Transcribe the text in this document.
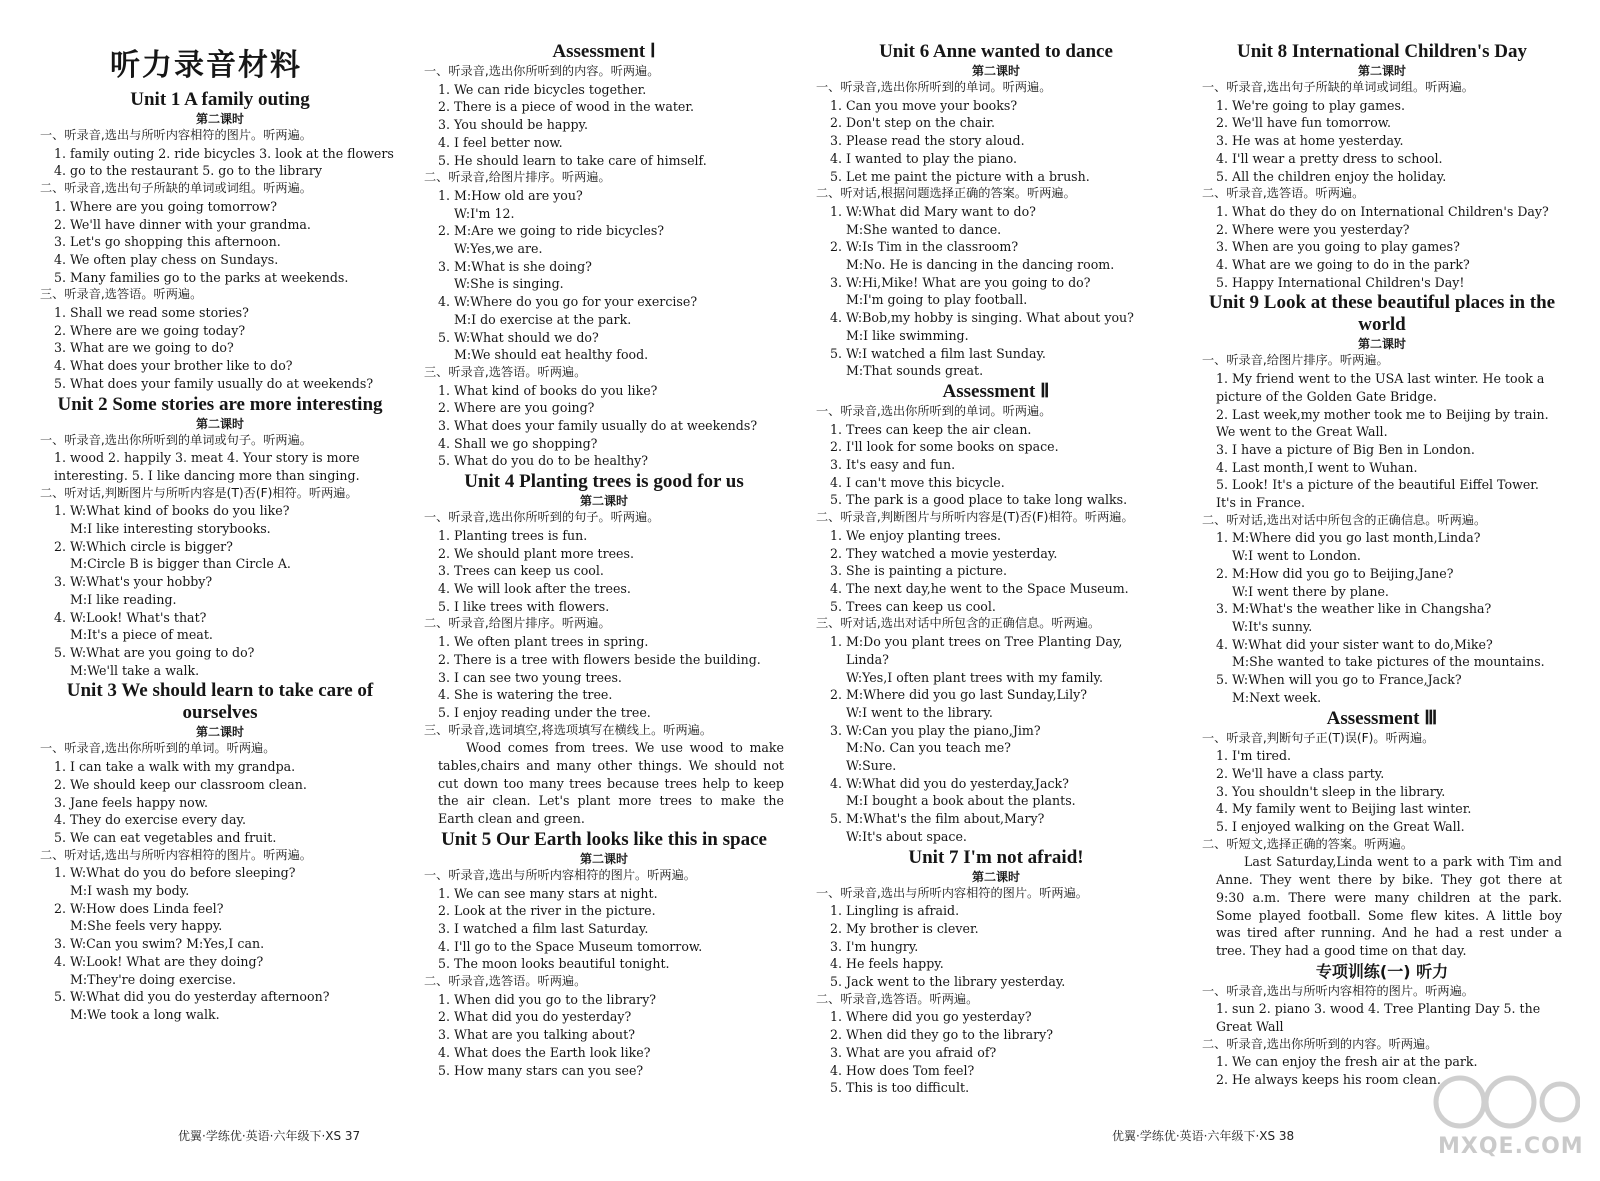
听力录音材料
Unit 1 A family outing
第二课时
一、听录音,选出与所听内容相符的图片。听两遍。
1. family outing 2. ride bicycles 3. look at the flowers 4. go to the restaurant 5. go to the library
二、听录音,选出句子所缺的单词或词组。听两遍。
1. Where are you going tomorrow?
2. We'll have dinner with your grandma.
3. Let's go shopping this afternoon.
4. We often play chess on Sundays.
5. Many families go to the parks at weekends.
三、听录音,选答语。听两遍。
1. Shall we read some stories?
2. Where are we going today?
3. What are we going to do?
4. What does your brother like to do?
5. What does your family usually do at weekends?
Unit 2 Some stories are more interesting
第二课时
一、听录音,选出你所听到的单词或句子。听两遍。
1. wood 2. happily 3. meat 4. Your story is more interesting. 5. I like dancing more than singing.
二、听对话,判断图片与所听内容是(T)否(F)相符。听两遍。
1. W:What kind of books do you like?
M:I like interesting storybooks.
2. W:Which circle is bigger?
M:Circle B is bigger than Circle A.
3. W:What's your hobby?
M:I like reading.
4. W:Look! What's that?
M:It's a piece of meat.
5. W:What are you going to do?
M:We'll take a walk.
Unit 3 We should learn to take care of ourselves
第二课时
一、听录音,选出你所听到的单词。听两遍。
1. I can take a walk with my grandpa.
2. We should keep our classroom clean.
3. Jane feels happy now.
4. They do exercise every day.
5. We can eat vegetables and fruit.
二、听对话,选出与所听内容相符的图片。听两遍。
1. W:What do you do before sleeping?
M:I wash my body.
2. W:How does Linda feel?
M:She feels very happy.
3. W:Can you swim? M:Yes,I can.
4. W:Look! What are they doing?
M:They're doing exercise.
5. W:What did you do yesterday afternoon?
M:We took a long walk.
Assessment Ⅰ
一、听录音,选出你所听到的内容。听两遍。
1. We can ride bicycles together.
2. There is a piece of wood in the water.
3. You should be happy.
4. I feel better now.
5. He should learn to take care of himself.
二、听录音,给图片排序。听两遍。
1. M:How old are you?
W:I'm 12.
2. M:Are we going to ride bicycles?
W:Yes,we are.
3. M:What is she doing?
W:She is singing.
4. W:Where do you go for your exercise?
M:I do exercise at the park.
5. W:What should we do?
M:We should eat healthy food.
三、听录音,选答语。听两遍。
1. What kind of books do you like?
2. Where are you going?
3. What does your family usually do at weekends?
4. Shall we go shopping?
5. What do you do to be healthy?
Unit 4 Planting trees is good for us
第二课时
一、听录音,选出你所听到的句子。听两遍。
1. Planting trees is fun.
2. We should plant more trees.
3. Trees can keep us cool.
4. We will look after the trees.
5. I like trees with flowers.
二、听录音,给图片排序。听两遍。
1. We often plant trees in spring.
2. There is a tree with flowers beside the building.
3. I can see two young trees.
4. She is watering the tree.
5. I enjoy reading under the tree.
三、听录音,选词填空,将选项填写在横线上。听两遍。
Wood comes from trees. We use wood to make tables,chairs and many other things. We should not cut down too many trees because trees help to keep the air clean. Let's plant more trees to make the Earth clean and green.
Unit 5 Our Earth looks like this in space
第二课时
一、听录音,选出与所听内容相符的图片。听两遍。
1. We can see many stars at night.
2. Look at the river in the picture.
3. I watched a film last Saturday.
4. I'll go to the Space Museum tomorrow.
5. The moon looks beautiful tonight.
二、听录音,选答语。听两遍。
1. When did you go to the library?
2. What did you do yesterday?
3. What are you talking about?
4. What does the Earth look like?
5. How many stars can you see?
Unit 6 Anne wanted to dance
第二课时
一、听录音,选出你所听到的单词。听两遍。
1. Can you move your books?
2. Don't step on the chair.
3. Please read the story aloud.
4. I wanted to play the piano.
5. Let me paint the picture with a brush.
二、听对话,根据问题选择正确的答案。听两遍。
1. W:What did Mary want to do?
M:She wanted to dance.
2. W:Is Tim in the classroom?
M:No. He is dancing in the dancing room.
3. W:Hi,Mike! What are you going to do?
M:I'm going to play football.
4. W:Bob,my hobby is singing. What about you?
M:I like swimming.
5. W:I watched a film last Sunday.
M:That sounds great.
Assessment Ⅱ
一、听录音,选出你所听到的单词。听两遍。
1. Trees can keep the air clean.
2. I'll look for some books on space.
3. It's easy and fun.
4. I can't move this bicycle.
5. The park is a good place to take long walks.
二、听录音,判断图片与所听内容是(T)否(F)相符。听两遍。
1. We enjoy planting trees.
2. They watched a movie yesterday.
3. She is painting a picture.
4. The next day,he went to the Space Museum.
5. Trees can keep us cool.
三、听对话,选出对话中所包含的正确信息。听两遍。
1. M:Do you plant trees on Tree Planting Day,
Linda?
W:Yes,I often plant trees with my family.
2. M:Where did you go last Sunday,Lily?
W:I went to the library.
3. W:Can you play the piano,Jim?
M:No. Can you teach me?
W:Sure.
4. W:What did you do yesterday,Jack?
M:I bought a book about the plants.
5. M:What's the film about,Mary?
W:It's about space.
Unit 7 I'm not afraid!
第二课时
一、听录音,选出与所听内容相符的图片。听两遍。
1. Lingling is afraid.
2. My brother is clever.
3. I'm hungry.
4. He feels happy.
5. Jack went to the library yesterday.
二、听录音,选答语。听两遍。
1. Where did you go yesterday?
2. When did they go to the library?
3. What are you afraid of?
4. How does Tom feel?
5. This is too difficult.
Unit 8 International Children's Day
第二课时
一、听录音,选出句子所缺的单词或词组。听两遍。
1. We're going to play games.
2. We'll have fun tomorrow.
3. He was at home yesterday.
4. I'll wear a pretty dress to school.
5. All the children enjoy the holiday.
二、听录音,选答语。听两遍。
1. What do they do on International Children's Day?
2. Where were you yesterday?
3. When are you going to play games?
4. What are we going to do in the park?
5. Happy International Children's Day!
Unit 9 Look at these beautiful places in the world
第二课时
一、听录音,给图片排序。听两遍。
1. My friend went to the USA last winter. He took a picture of the Golden Gate Bridge.
2. Last week,my mother took me to Beijing by train. We went to the Great Wall.
3. I have a picture of Big Ben in London.
4. Last month,I went to Wuhan.
5. Look! It's a picture of the beautiful Eiffel Tower. It's in France.
二、听对话,选出对话中所包含的正确信息。听两遍。
1. M:Where did you go last month,Linda?
W:I went to London.
2. M:How did you go to Beijing,Jane?
W:I went there by plane.
3. M:What's the weather like in Changsha?
W:It's sunny.
4. W:What did your sister want to do,Mike?
M:She wanted to take pictures of the mountains.
5. W:When will you go to France,Jack?
M:Next week.
Assessment Ⅲ
一、听录音,判断句子正(T)误(F)。听两遍。
1. I'm tired.
2. We'll have a class party.
3. You shouldn't sleep in the library.
4. My family went to Beijing last winter.
5. I enjoyed walking on the Great Wall.
二、听短文,选择正确的答案。听两遍。
Last Saturday,Linda went to a park with Tim and Anne. They went there by bike. They got there at 9:30 a.m. There were many children at the park. Some played football. Some flew kites. A little boy was tired after running. And he had a rest under a tree. They had a good time on that day.
专项训练(一) 听力
一、听录音,选出与所听内容相符的图片。听两遍。
1. sun 2. piano 3. wood 4. Tree Planting Day 5. the Great Wall
二、听录音,选出你所听到的内容。听两遍。
1. We can enjoy the fresh air at the park.
2. He always keeps his room clean.
优翼·学练优·英语·六年级下·XS 37	优翼·学练优·英语·六年级下·XS 38	MXQE.COM
